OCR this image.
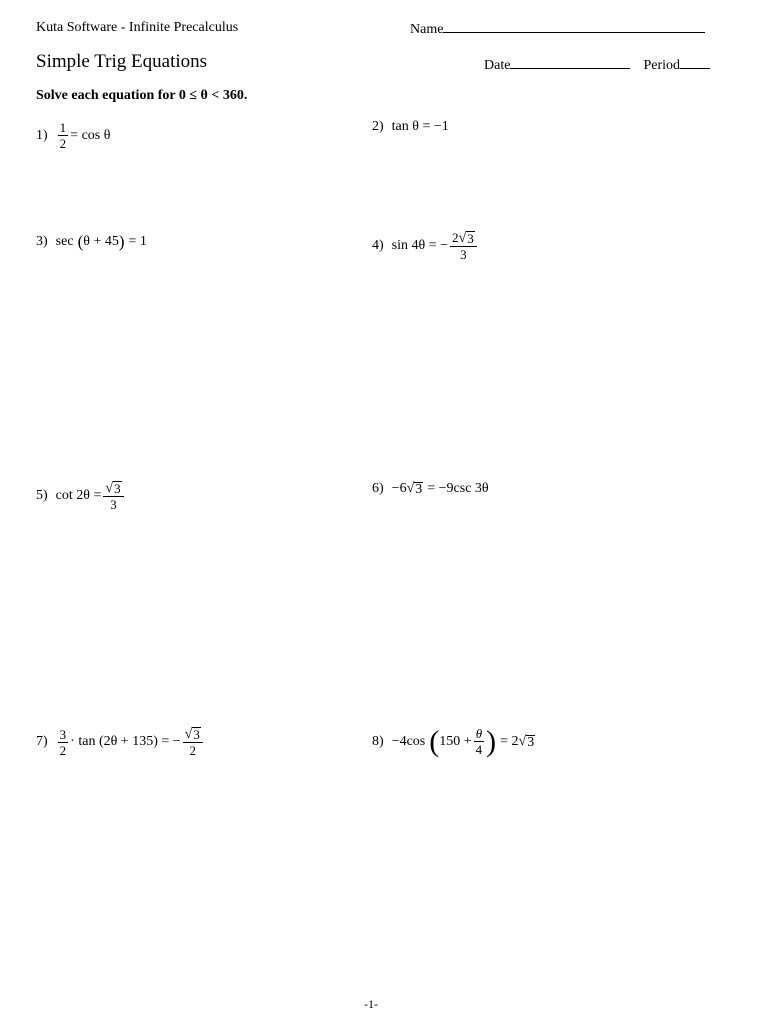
Kuta Software - Infinite Precalculus
Simple Trig Equations
Name
Date	Period
Solve each equation for 0 ≤ θ < 360.
$1) \frac{1}{2} = \cos \theta$
2) tan θ = −1
3) sec ( θ + 45 ) = 1	4) sin 4θ = − $\frac{2 √ 3}{3}$
5) $\cot 2\theta = \frac{√ 3}{3}$	6) −6 √ 3 = −9csc 3θ
$7) \frac{3}{2} \cdot \tan (2\theta + 135)$ = − $\frac{√ 3}{2}$	8) −4cos ( $150 + \frac{\theta}{4}$ ) = 2 √ 3
-1-
